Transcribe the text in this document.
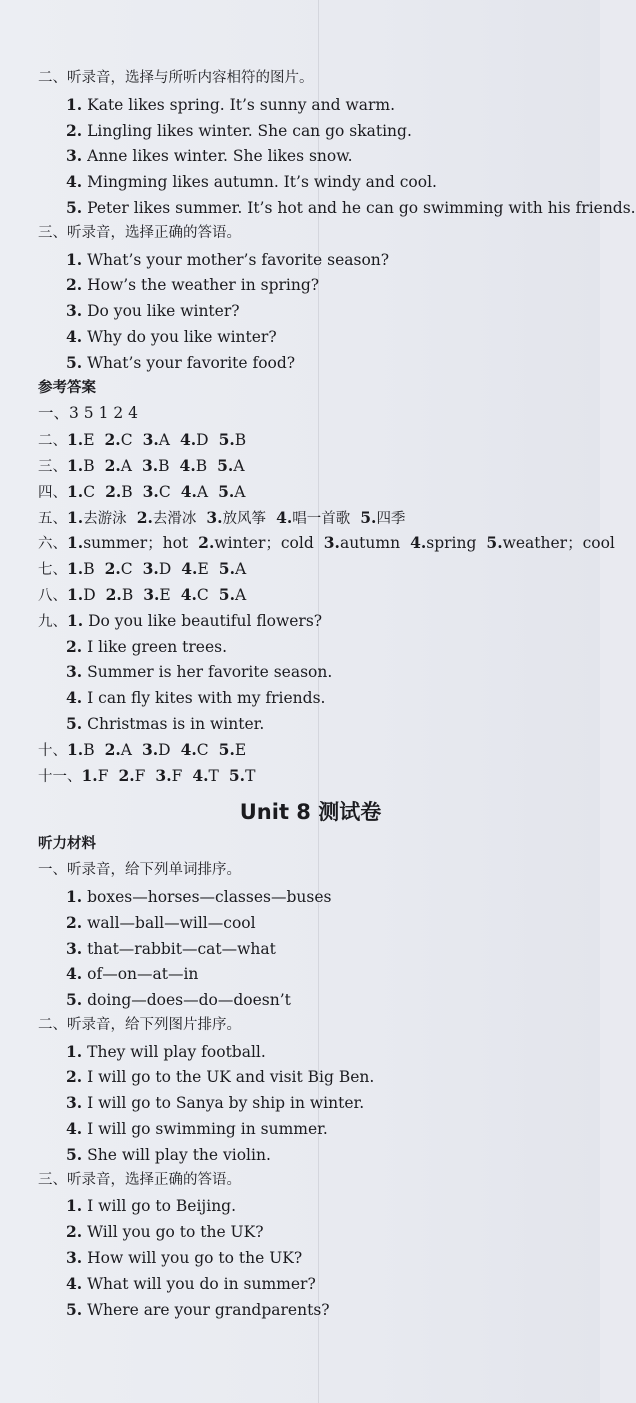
二、听录音，选择与所听内容相符的图片。
1. Kate likes spring. It’s sunny and warm.
2. Lingling likes winter. She can go skating.
3. Anne likes winter. She likes snow.
4. Mingming likes autumn. It’s windy and cool.
5. Peter likes summer. It’s hot and he can go swimming with his friends.
三、听录音，选择正确的答语。
1. What’s your mother’s favorite season?
2. How’s the weather in spring?
3. Do you like winter?
4. Why do you like winter?
5. What’s your favorite food?
参考答案
一、3 5 1 2 4
二、1.E 2.C 3.A 4.D 5.B
三、1.B 2.A 3.B 4.B 5.A
四、1.C 2.B 3.C 4.A 5.A
五、1.去游泳 2.去滑冰 3.放风筝 4.唱一首歌 5.四季
六、1.summer；hot 2.winter；cold 3.autumn 4.spring 5.weather；cool
七、1.B 2.C 3.D 4.E 5.A
八、1.D 2.B 3.E 4.C 5.A
九、1. Do you like beautiful flowers?
2. I like green trees.
3. Summer is her favorite season.
4. I can fly kites with my friends.
5. Christmas is in winter.
十、1.B 2.A 3.D 4.C 5.E
十一、1.F 2.F 3.F 4.T 5.T
Unit 8 测试卷
听力材料
一、听录音，给下列单词排序。
1. boxes—horses—classes—buses
2. wall—ball—will—cool
3. that—rabbit—cat—what
4. of—on—at—in
5. doing—does—do—doesn’t
二、听录音，给下列图片排序。
1. They will play football.
2. I will go to the UK and visit Big Ben.
3. I will go to Sanya by ship in winter.
4. I will go swimming in summer.
5. She will play the violin.
三、听录音，选择正确的答语。
1. I will go to Beijing.
2. Will you go to the UK?
3. How will you go to the UK?
4. What will you do in summer?
5. Where are your grandparents?
